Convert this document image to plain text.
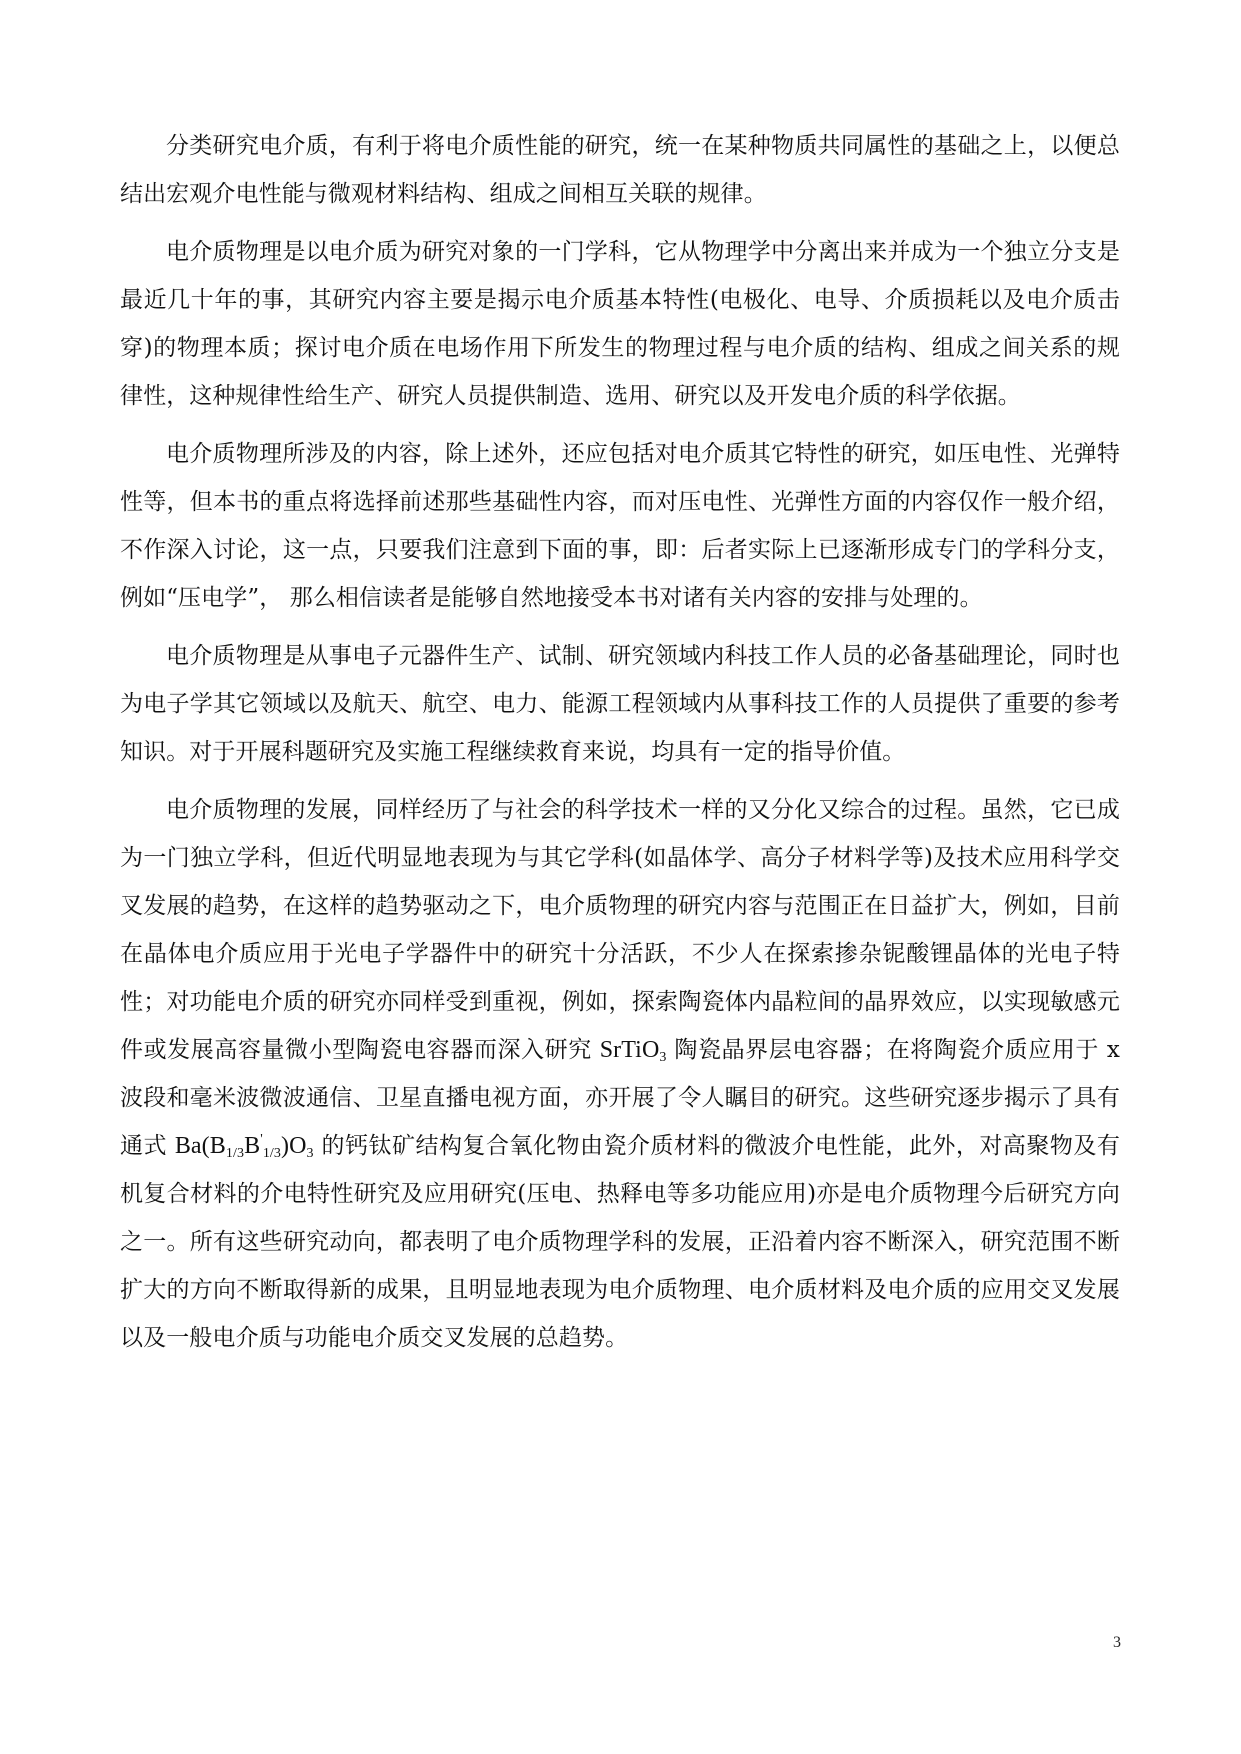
分类研究电介质，有利于将电介质性能的研究，统一在某种物质共同属性的基础之上，以便总结出宏观介电性能与微观材料结构、组成之间相互关联的规律。

电介质物理是以电介质为研究对象的一门学科，它从物理学中分离出来并成为一个独立分支是最近几十年的事，其研究内容主要是揭示电介质基本特性(电极化、电导、介质损耗以及电介质击穿)的物理本质；探讨电介质在电场作用下所发生的物理过程与电介质的结构、组成之间关系的规律性，这种规律性给生产、研究人员提供制造、选用、研究以及开发电介质的科学依据。

电介质物理所涉及的内容，除上述外，还应包括对电介质其它特性的研究，如压电性、光弹特性等，但本书的重点将选择前述那些基础性内容，而对压电性、光弹性方面的内容仅作一般介绍，不作深入讨论，这一点，只要我们注意到下面的事，即：后者实际上已逐渐形成专门的学科分支，例如“压电学”， 那么相信读者是能够自然地接受本书对诸有关内容的安排与处理的。

电介质物理是从事电子元器件生产、试制、研究领域内科技工作人员的必备基础理论，同时也为电子学其它领域以及航天、航空、电力、能源工程领域内从事科技工作的人员提供了重要的参考知识。对于开展科题研究及实施工程继续救育来说，均具有一定的指导价值。

电介质物理的发展，同样经历了与社会的科学技术一样的又分化又综合的过程。虽然，它已成为一门独立学科，但近代明显地表现为与其它学科(如晶体学、高分子材料学等)及技术应用科学交叉发展的趋势，在这样的趋势驱动之下，电介质物理的研究内容与范围正在日益扩大，例如，目前在晶体电介质应用于光电子学器件中的研究十分活跃，不少人在探索掺杂铌酸锂晶体的光电子特性；对功能电介质的研究亦同样受到重视，例如，探索陶瓷体内晶粒间的晶界效应，以实现敏感元件或发展高容量微小型陶瓷电容器而深入研究 SrTiO$_3$ 陶瓷晶界层电容器；在将陶瓷介质应用于 x 波段和毫米波微波通信、卫星直播电视方面，亦开展了令人瞩目的研究。这些研究逐步揭示了具有通式 $Ba(B_{1/3}B'_{1/3})O_3$ 的钙钛矿结构复合氧化物由瓷介质材料的微波介电性能，此外，对高聚物及有机复合材料的介电特性研究及应用研究(压电、热释电等多功能应用)亦是电介质物理今后研究方向之一。所有这些研究动向，都表明了电介质物理学科的发展，正沿着内容不断深入，研究范围不断扩大的方向不断取得新的成果，且明显地表现为电介质物理、电介质材料及电介质的应用交叉发展以及一般电介质与功能电介质交叉发展的总趋势。

3
